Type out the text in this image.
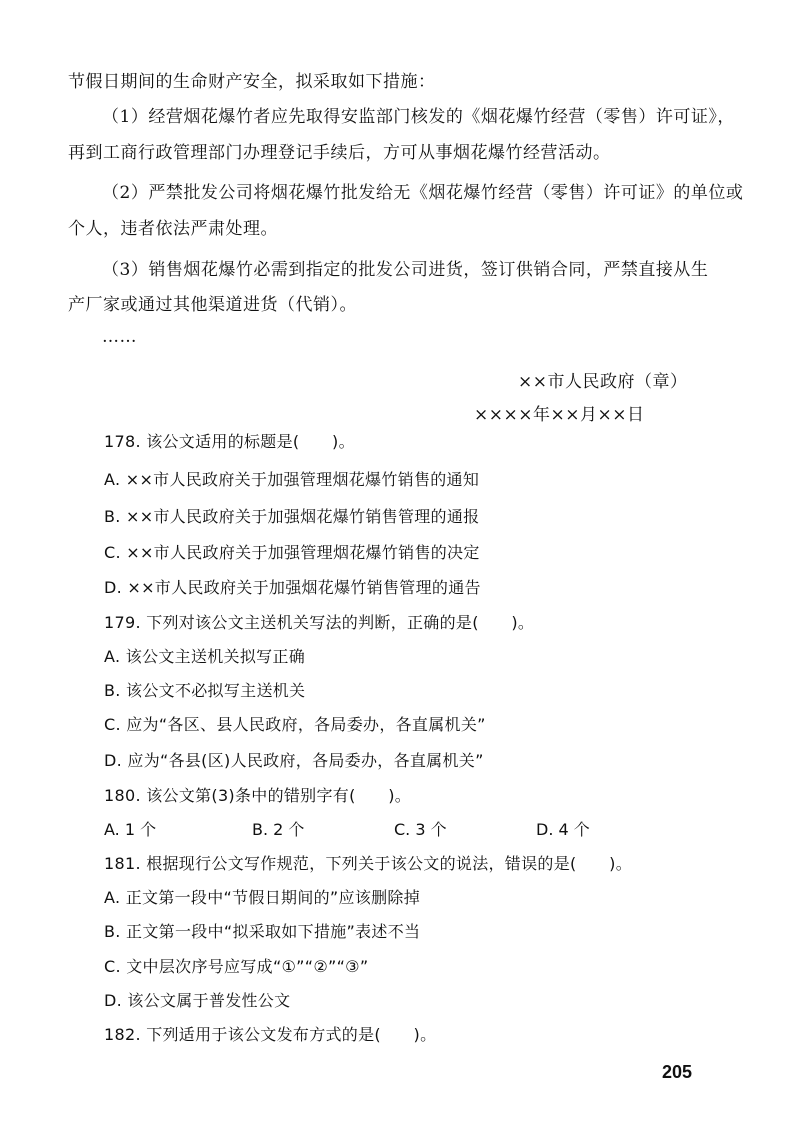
节假日期间的生命财产安全，拟采取如下措施：
（1）经营烟花爆竹者应先取得安监部门核发的《烟花爆竹经营（零售）许可证》，
再到工商行政管理部门办理登记手续后，方可从事烟花爆竹经营活动。
（2）严禁批发公司将烟花爆竹批发给无《烟花爆竹经营（零售）许可证》的单位或
个人，违者依法严肃处理。
（3）销售烟花爆竹必需到指定的批发公司进货，签订供销合同，严禁直接从生
产厂家或通过其他渠道进货（代销）。
……
××市人民政府（章）
××××年××月××日
178. 该公文适用的标题是(　　)。
A. ××市人民政府关于加强管理烟花爆竹销售的通知
B. ××市人民政府关于加强烟花爆竹销售管理的通报
C. ××市人民政府关于加强管理烟花爆竹销售的决定
D. ××市人民政府关于加强烟花爆竹销售管理的通告
179. 下列对该公文主送机关写法的判断，正确的是(　　)。
A. 该公文主送机关拟写正确
B. 该公文不必拟写主送机关
C. 应为“各区、县人民政府，各局委办，各直属机关”
D. 应为“各县(区)人民政府，各局委办，各直属机关”
180. 该公文第(3)条中的错别字有(　　)。
A. 1 个	B. 2 个	C. 3 个	D. 4 个
181. 根据现行公文写作规范，下列关于该公文的说法，错误的是(　　)。
A. 正文第一段中“节假日期间的”应该删除掉
B. 正文第一段中“拟采取如下措施”表述不当
C. 文中层次序号应写成“①”“②”“③”
D. 该公文属于普发性公文
182. 下列适用于该公文发布方式的是(　　)。
205
